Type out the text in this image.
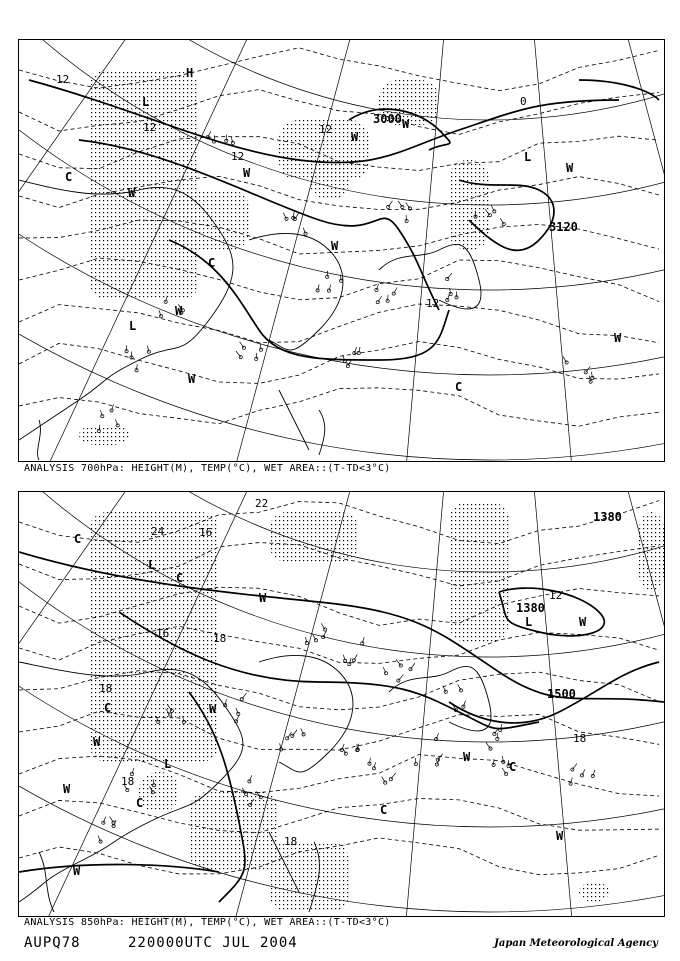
12	H
L
12
12
12
3000 W
W
C
W
W	W
0
L
3120
C
12
W
L
W
C
W
W
ANALYSIS 700hPa: HEIGHT(M), TEMP(°C), WET AREA::(T-TD<3°C)
24
22
16
C
L
C
1380
12
1380
L	W
W
16	18
1500
18
C
W
L
18
C
W
C
C
18
W
18
W
W
W
ANALYSIS 850hPa: HEIGHT(M), TEMP(°C), WET AREA::(T-TD<3°C)
AUPQ78	220000UTC JUL 2004	Japan Meteorological Agency
